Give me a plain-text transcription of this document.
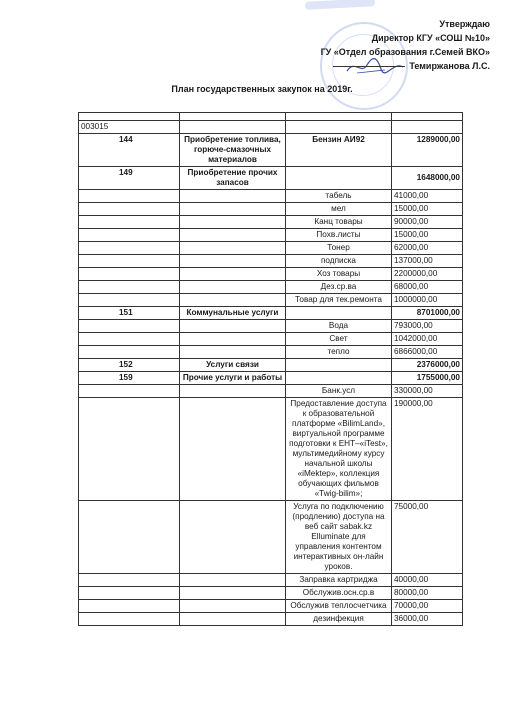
Утверждаю
Директор КГУ «СОШ №10»
ГУ «Отдел образования г.Семей ВКО»
Темиржанова Л.С.
План государственных закупок на 2019г.

003015			
144	Приобретение топлива, горюче-смазочных материалов	Бензин АИ92	1289000,00
149	Приобретение прочих запасов		1648000,00
		табель	41000,00
		мел	15000,00
		Канц товары	90000,00
		Похв.листы	15000,00
		Тонер	62000,00
		подписка	137000,00
		Хоз товары	2200000,00
		Дез.ср.ва	68000,00
		Товар для тек.ремонта	1000000,00
151	Коммунальные услуги		8701000,00
		Вода	793000,00
		Свет	1042000,00
		тепло	6866000,00
152	Услуги связи		2376000,00
159	Прочие услуги и работы		1755000,00
		Банк.усл	330000,00
		Предоставление доступа к образовательной платформе «BilimLand», виртуальной программе подготовки к ЕНТ–«iTest», мультимедийному курсу начальной школы «iMektep», коллекция обучающих фильмов «Twig-bilim»;	190000,00
		Услуга по подключению (продлению) доступа на веб сайт sabak.kz Elluminate для управления контентом интерактивных он-лайн уроков.	75000,00
		Заправка картриджа	40000,00
		Обслужив.осн.ср.в	80000,00
		Обслужив теплосчетчика	70000,00
		дезинфекция	36000,00
